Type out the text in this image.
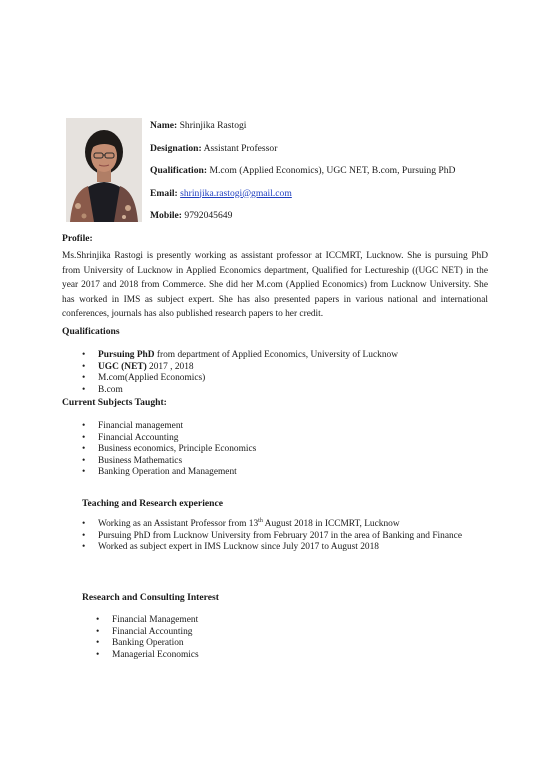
Name: Shrinjika Rastogi
Designation: Assistant Professor
Qualification: M.com (Applied Economics), UGC NET, B.com, Pursuing PhD
Email: shrinjika.rastogi@gmail.com
Mobile: 9792045649
Profile:
Ms.Shrinjika Rastogi is presently working as assistant professor at ICCMRT, Lucknow. She is pursuing PhD from University of Lucknow in Applied Economics department, Qualified for Lectureship ((UGC NET) in the year 2017 and 2018 from Commerce. She did her M.com (Applied Economics) from Lucknow University. She has worked in IMS as subject expert. She has also presented papers in various national and international conferences, journals has also published research papers to her credit.
Qualifications
• Pursuing PhD from department of Applied Economics, University of Lucknow
• UGC (NET) 2017 , 2018
• M.com(Applied Economics)
• B.com
Current Subjects Taught:
• Financial management
• Financial Accounting
• Business economics, Principle Economics
• Business Mathematics
• Banking Operation and Management
Teaching and Research experience
• Working as an Assistant Professor from 13th August 2018 in ICCMRT, Lucknow
• Pursuing PhD from Lucknow University from February 2017 in the area of Banking and Finance
• Worked as subject expert in IMS Lucknow since July 2017 to August 2018
Research and Consulting Interest
• Financial Management
• Financial Accounting
• Banking Operation
• Managerial Economics
